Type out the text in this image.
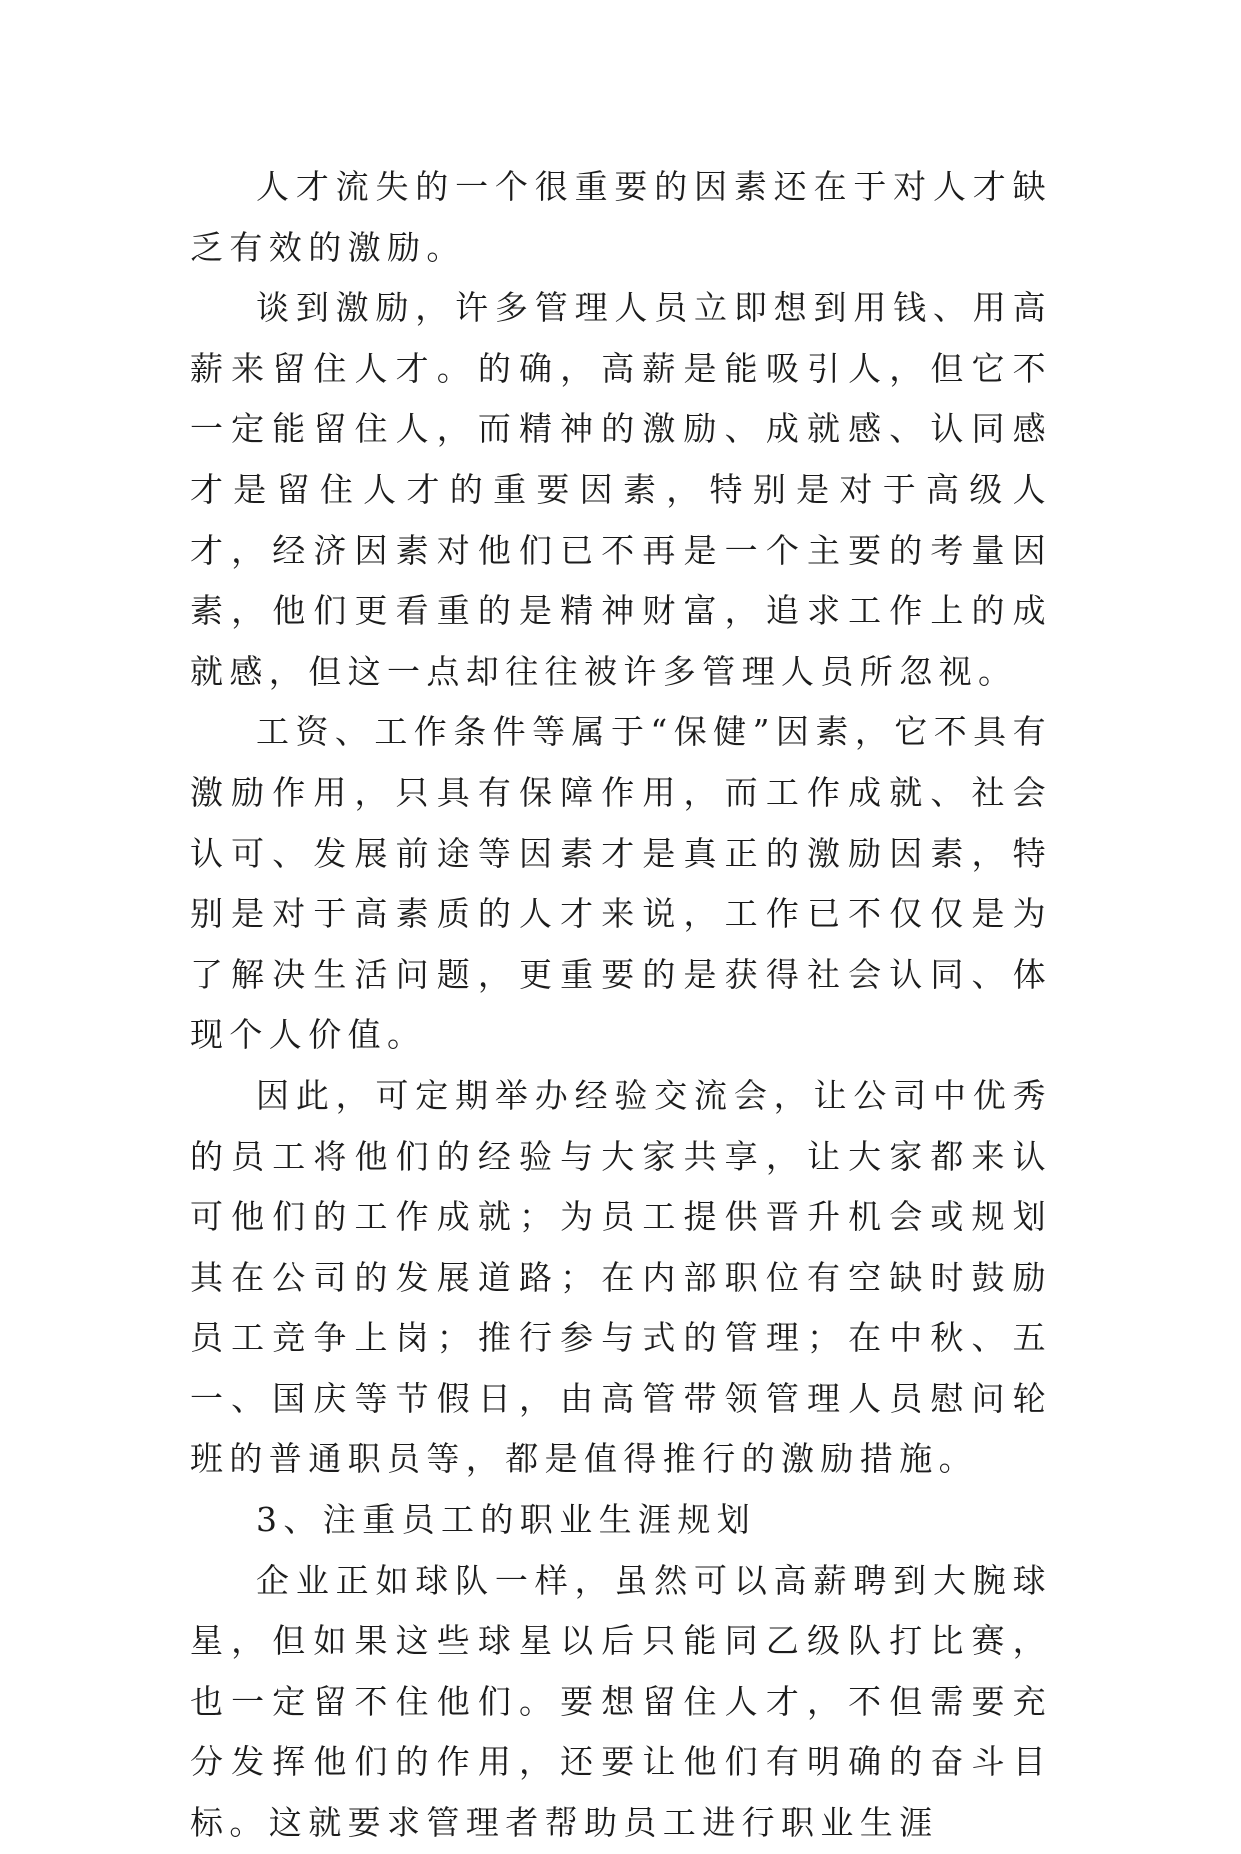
人才流失的一个很重要的因素还在于对人才缺乏有效的激励。

谈到激励，许多管理人员立即想到用钱、用高薪来留住人才。的确，高薪是能吸引人，但它不一定能留住人，而精神的激励、成就感、认同感才是留住人才的重要因素，特别是对于高级人才，经济因素对他们已不再是一个主要的考量因素，他们更看重的是精神财富，追求工作上的成就感，但这一点却往往被许多管理人员所忽视。

工资、工作条件等属于“保健”因素，它不具有激励作用，只具有保障作用，而工作成就、社会认可、发展前途等因素才是真正的激励因素，特别是对于高素质的人才来说，工作已不仅仅是为了解决生活问题，更重要的是获得社会认同、体现个人价值。

因此，可定期举办经验交流会，让公司中优秀的员工将他们的经验与大家共享，让大家都来认可他们的工作成就；为员工提供晋升机会或规划其在公司的发展道路；在内部职位有空缺时鼓励员工竞争上岗；推行参与式的管理；在中秋、五一、国庆等节假日，由高管带领管理人员慰问轮班的普通职员等，都是值得推行的激励措施。

3、注重员工的职业生涯规划

企业正如球队一样，虽然可以高薪聘到大腕球星，但如果这些球星以后只能同乙级队打比赛，也一定留不住他们。要想留住人才，不但需要充分发挥他们的作用，还要让他们有明确的奋斗目标。这就要求管理者帮助员工进行职业生涯
